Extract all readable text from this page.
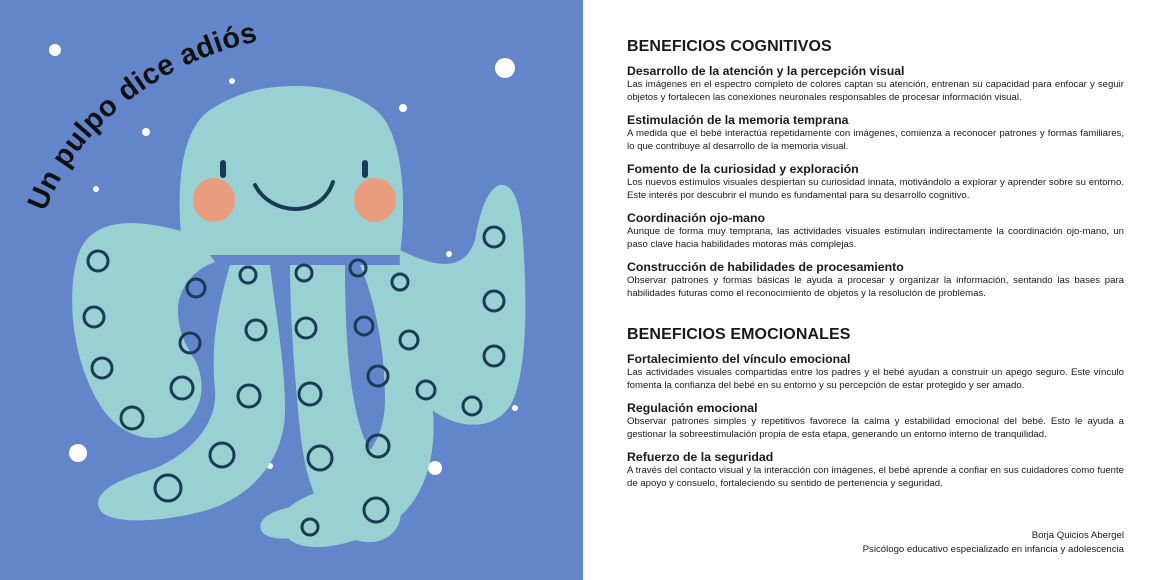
Un pulpo dice adiós	BENEFICIOS COGNITIVOS

Desarrollo de la atención y la percepción visual

Las imágenes en el espectro completo de colores captan su atención, entrenan su capacidad para enfocar y seguir objetos y fortalecen las conexiones neuronales responsables de procesar información visual.

Estimulación de la memoria temprana

A medida que el bebé interactúa repetidamente con imágenes, comienza a reconocer patrones y formas familiares, lo que contribuye al desarrollo de la memoria visual.

Fomento de la curiosidad y exploración

Los nuevos estímulos visuales despiertan su curiosidad innata, motivándolo a explorar y aprender sobre su entorno. Este interés por descubrir el mundo es fundamental para su desarrollo cognitivo.

Coordinación ojo-mano

Aunque de forma muy temprana, las actividades visuales estimulan indirectamente la coordinación ojo-mano, un paso clave hacia habilidades motoras más complejas.

Construcción de habilidades de procesamiento

Observar patrones y formas básicas le ayuda a procesar y organizar la información, sentando las bases para habilidades futuras como el reconocimiento de objetos y la resolución de problemas.

BENEFICIOS EMOCIONALES

Fortalecimiento del vínculo emocional

Las actividades visuales compartidas entre los padres y el bebé ayudan a construir un apego seguro. Este vínculo fomenta la confianza del bebé en su entorno y su percepción de estar protegido y ser amado.

Regulación emocional

Observar patrones simples y repetitivos favorece la calma y estabilidad emocional del bebé. Esto le ayuda a gestionar la sobreestimulación propia de esta etapa, generando un entorno interno de tranquilidad.

Refuerzo de la seguridad

A través del contacto visual y la interacción con imágenes, el bebé aprende a confiar en sus cuidadores como fuente de apoyo y consuelo, fortaleciendo su sentido de pertenencia y seguridad.

Borja Quicios Abergel
Psicólogo educativo especializado en infancia y adolescencia
